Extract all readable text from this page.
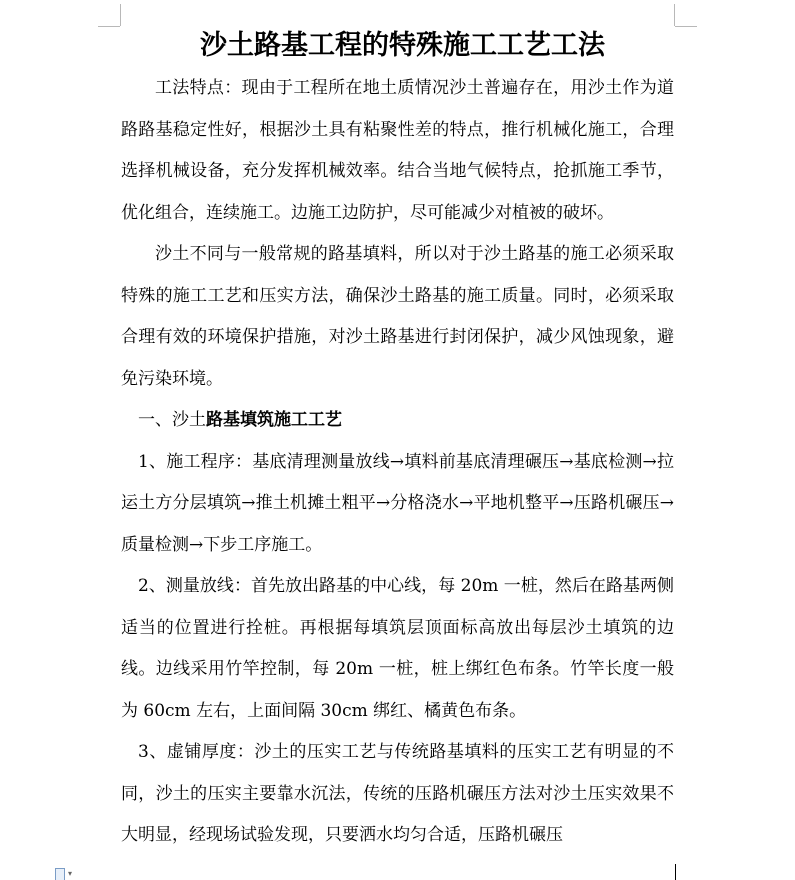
沙土路基工程的特殊施工工艺工法

工法特点：现由于工程所在地土质情况沙土普遍存在，用沙土作为道路路基稳定性好，根据沙土具有粘聚性差的特点，推行机械化施工，合理选择机械设备，充分发挥机械效率。结合当地气候特点，抢抓施工季节，优化组合，连续施工。边施工边防护，尽可能减少对植被的破坏。

沙土不同与一般常规的路基填料，所以对于沙土路基的施工必须采取特殊的施工工艺和压实方法，确保沙土路基的施工质量。同时，必须采取合理有效的环境保护措施，对沙土路基进行封闭保护，减少风蚀现象，避免污染环境。

一、沙土路基填筑施工工艺

1、施工程序：基底清理测量放线→填料前基底清理碾压→基底检测→拉运土方分层填筑→推土机摊土粗平→分格浇水→平地机整平→压路机碾压→质量检测→下步工序施工。

2、测量放线：首先放出路基的中心线，每 20m 一桩，然后在路基两侧适当的位置进行拴桩。再根据每填筑层顶面标高放出每层沙土填筑的边线。边线采用竹竿控制，每 20m 一桩，桩上绑红色布条。竹竿长度一般为 60cm 左右，上面间隔 30cm 绑红、橘黄色布条。

3、虚铺厚度：沙土的压实工艺与传统路基填料的压实工艺有明显的不同，沙土的压实主要靠水沉法，传统的压路机碾压方法对沙土压实效果不大明显，经现场试验发现，只要洒水均匀合适，压路机碾压

▾
